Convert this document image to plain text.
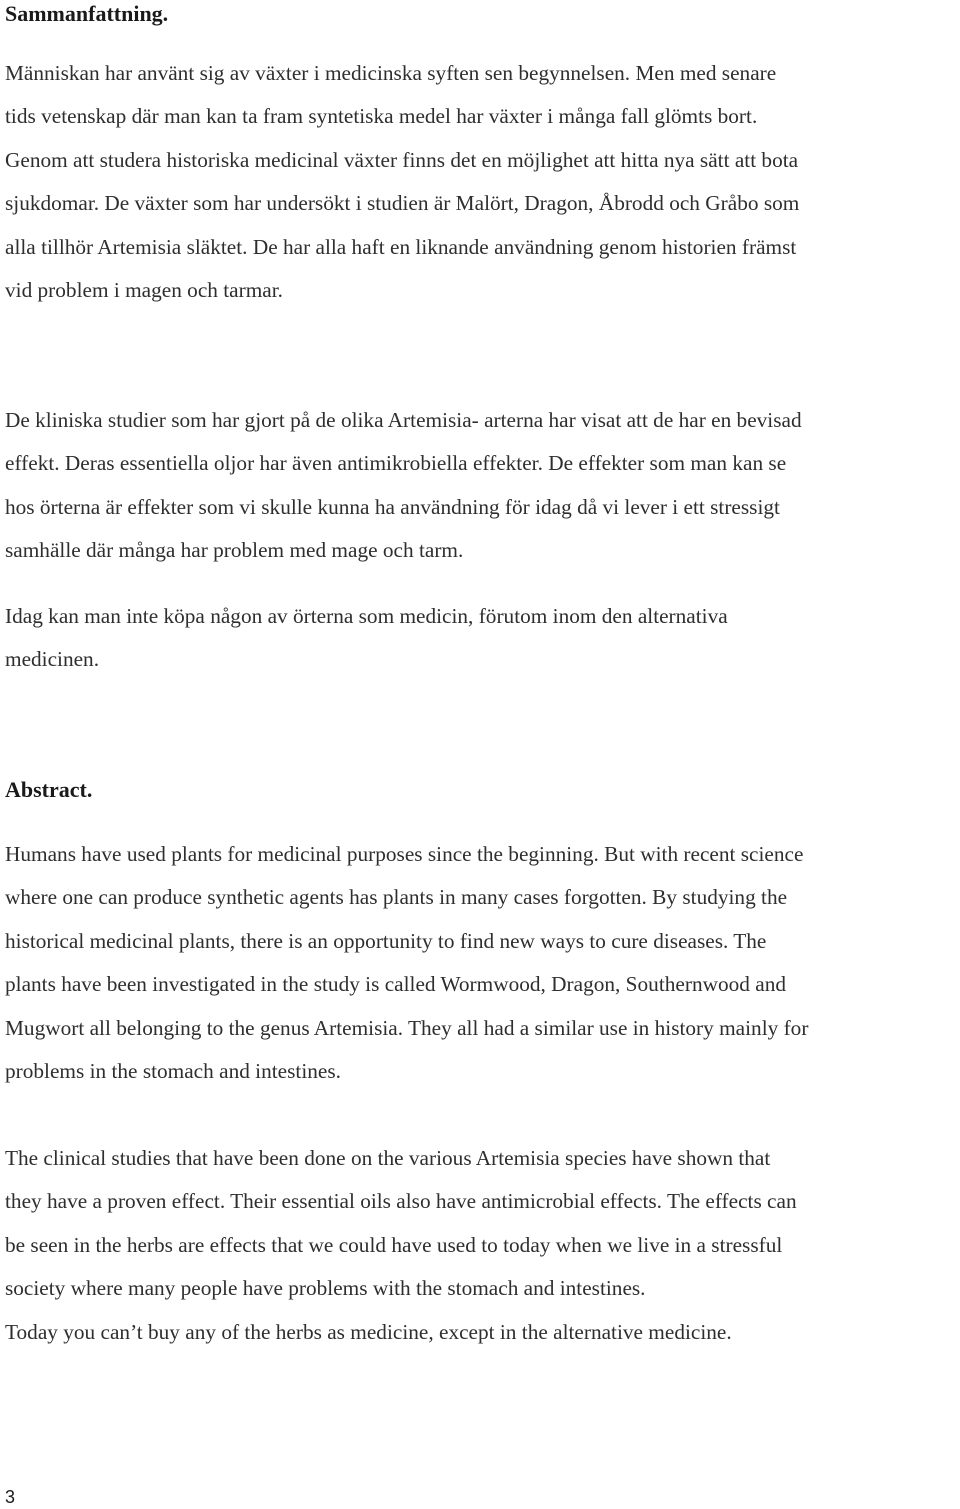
Sammanfattning.

Människan har använt sig av växter i medicinska syften sen begynnelsen. Men med senare
tids vetenskap där man kan ta fram syntetiska medel har växter i många fall glömts bort.
Genom att studera historiska medicinal växter finns det en möjlighet att hitta nya sätt att bota
sjukdomar. De växter som har undersökt i studien är Malört, Dragon, Åbrodd och Gråbo som
alla tillhör Artemisia släktet. De har alla haft en liknande användning genom historien främst
vid problem i magen och tarmar.

De kliniska studier som har gjort på de olika Artemisia- arterna har visat att de har en bevisad
effekt. Deras essentiella oljor har även antimikrobiella effekter. De effekter som man kan se
hos örterna är effekter som vi skulle kunna ha användning för idag då vi lever i ett stressigt
samhälle där många har problem med mage och tarm.

Idag kan man inte köpa någon av örterna som medicin, förutom inom den alternativa
medicinen.

Abstract.

Humans have used plants for medicinal purposes since the beginning. But with recent science
where one can produce synthetic agents has plants in many cases forgotten. By studying the
historical medicinal plants, there is an opportunity to find new ways to cure diseases. The
plants have been investigated in the study is called Wormwood, Dragon, Southernwood and
Mugwort all belonging to the genus Artemisia. They all had a similar use in history mainly for
problems in the stomach and intestines.

The clinical studies that have been done on the various Artemisia species have shown that
they have a proven effect. Their essential oils also have antimicrobial effects. The effects can
be seen in the herbs are effects that we could have used to today when we live in a stressful
society where many people have problems with the stomach and intestines.
Today you can’t buy any of the herbs as medicine, except in the alternative medicine.

3
